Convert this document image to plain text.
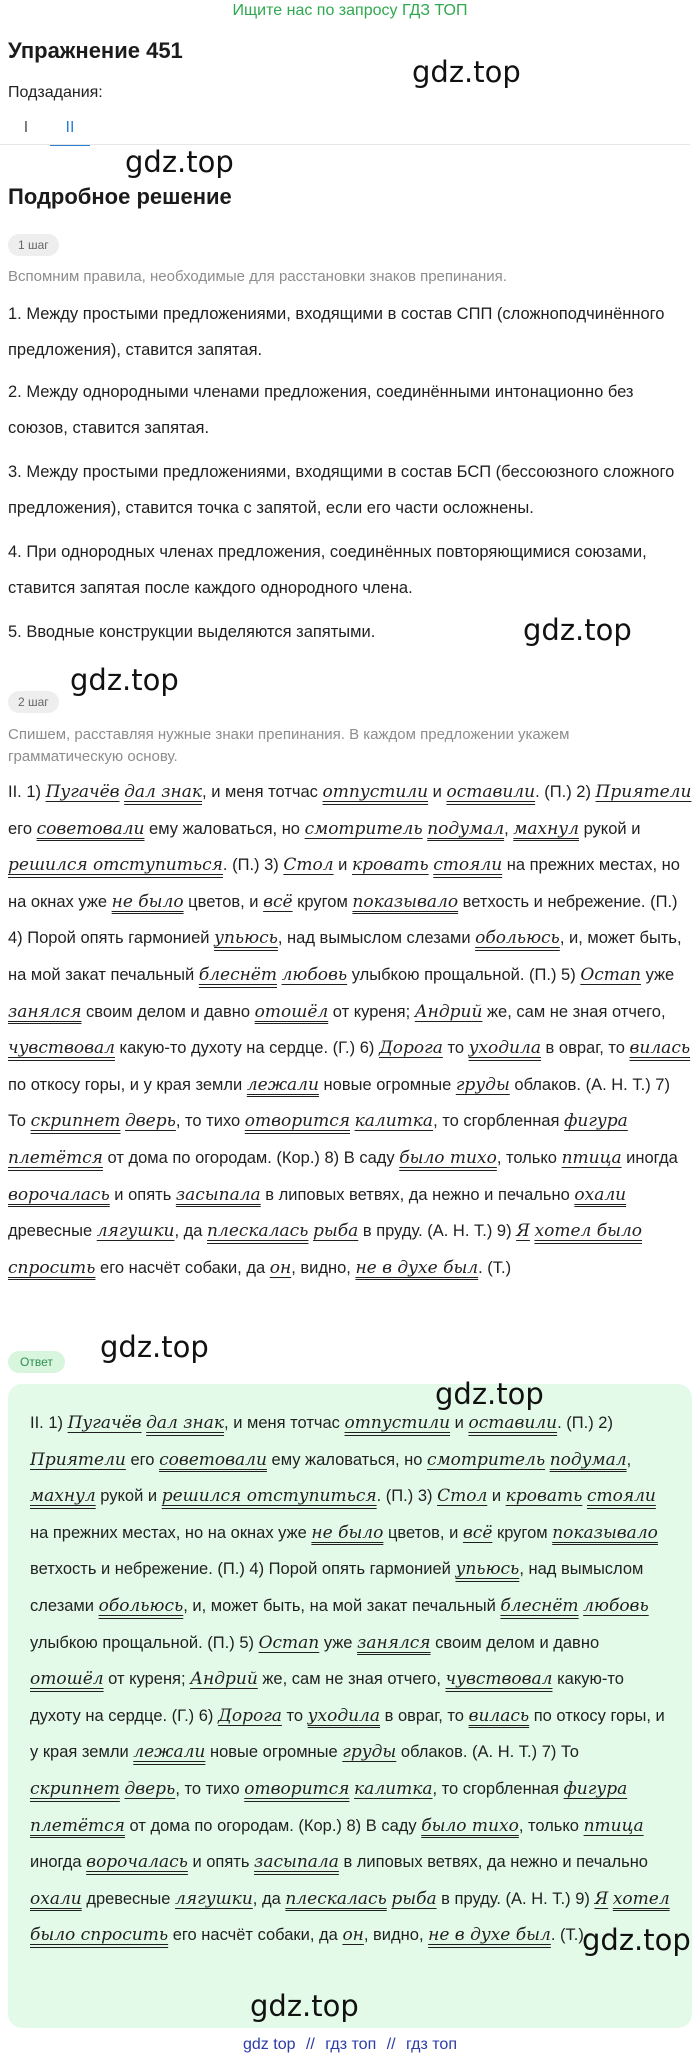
Ищите нас по запросу ГДЗ ТОП
Упражнение 451
Подзадания:
I	II
Подробное решение
1 шаг
Вспомним правила, необходимые для расстановки знаков препинания.
1. Между простыми предложениями, входящими в состав СПП (сложноподчинённого предложения), ставится запятая.
2. Между однородными членами предложения, соединёнными интонационно без союзов, ставится запятая.
3. Между простыми предложениями, входящими в состав БСП (бессоюзного сложного предложения), ставится точка с запятой, если его части осложнены.
4. При однородных членах предложения, соединённых повторяющимися союзами, ставится запятая после каждого однородного члена.
5. Вводные конструкции выделяются запятыми.
2 шаг
Спишем, расставляя нужные знаки препинания. В каждом предложении укажем грамматическую основу.
II. 1) Пугачёв дал знак, и меня тотчас отпустили и оставили. (П.) 2) Приятели его советовали ему жаловаться, но смотритель подумал, махнул рукой и решился отступиться. (П.) 3) Стол и кровать стояли на прежних местах, но на окнах уже не было цветов, и всё кругом показывало ветхость и небрежение. (П.) 4) Порой опять гармонией упьюсь, над вымыслом слезами обольюсь, и, может быть, на мой закат печальный блеснёт любовь улыбкою прощальной. (П.) 5) Остап уже занялся своим делом и давно отошёл от куреня; Андрий же, сам не зная отчего, чувствовал какую-то духоту на сердце. (Г.) 6) Дорога то уходила в овраг, то вилась по откосу горы, и у края земли лежали новые огромные груды облаков. (А. Н. Т.) 7) То скрипнет дверь, то тихо отворится калитка, то сгорбленная фигура плетётся от дома по огородам. (Кор.) 8) В саду было тихо, только птица иногда ворочалась и опять засыпала в липовых ветвях, да нежно и печально охали древесные лягушки, да плескалась рыба в пруду. (А. Н. Т.) 9) Я хотел было спросить его насчёт собаки, да он, видно, не в духе был. (Т.)
Ответ
II. 1) Пугачёв дал знак, и меня тотчас отпустили и оставили. (П.) 2) Приятели его советовали ему жаловаться, но смотритель подумал, махнул рукой и решился отступиться. (П.) 3) Стол и кровать стояли на прежних местах, но на окнах уже не было цветов, и всё кругом показывало ветхость и небрежение. (П.) 4) Порой опять гармонией упьюсь, над вымыслом слезами обольюсь, и, может быть, на мой закат печальный блеснёт любовь улыбкою прощальной. (П.) 5) Остап уже занялся своим делом и давно отошёл от куреня; Андрий же, сам не зная отчего, чувствовал какую-то духоту на сердце. (Г.) 6) Дорога то уходила в овраг, то вилась по откосу горы, и у края земли лежали новые огромные груды облаков. (А. Н. Т.) 7) То скрипнет дверь, то тихо отворится калитка, то сгорбленная фигура плетётся от дома по огородам. (Кор.) 8) В саду было тихо, только птица иногда ворочалась и опять засыпала в липовых ветвях, да нежно и печально охали древесные лягушки, да плескалась рыба в пруду. (А. Н. Т.) 9) Я хотел было спросить его насчёт собаки, да он, видно, не в духе был. (Т.)
gdz.top
gdz.top
gdz.top
gdz.top
gdz.top
gdz.top
gdz.top
gdz.top
gdz top // гдз топ // гдз топ
